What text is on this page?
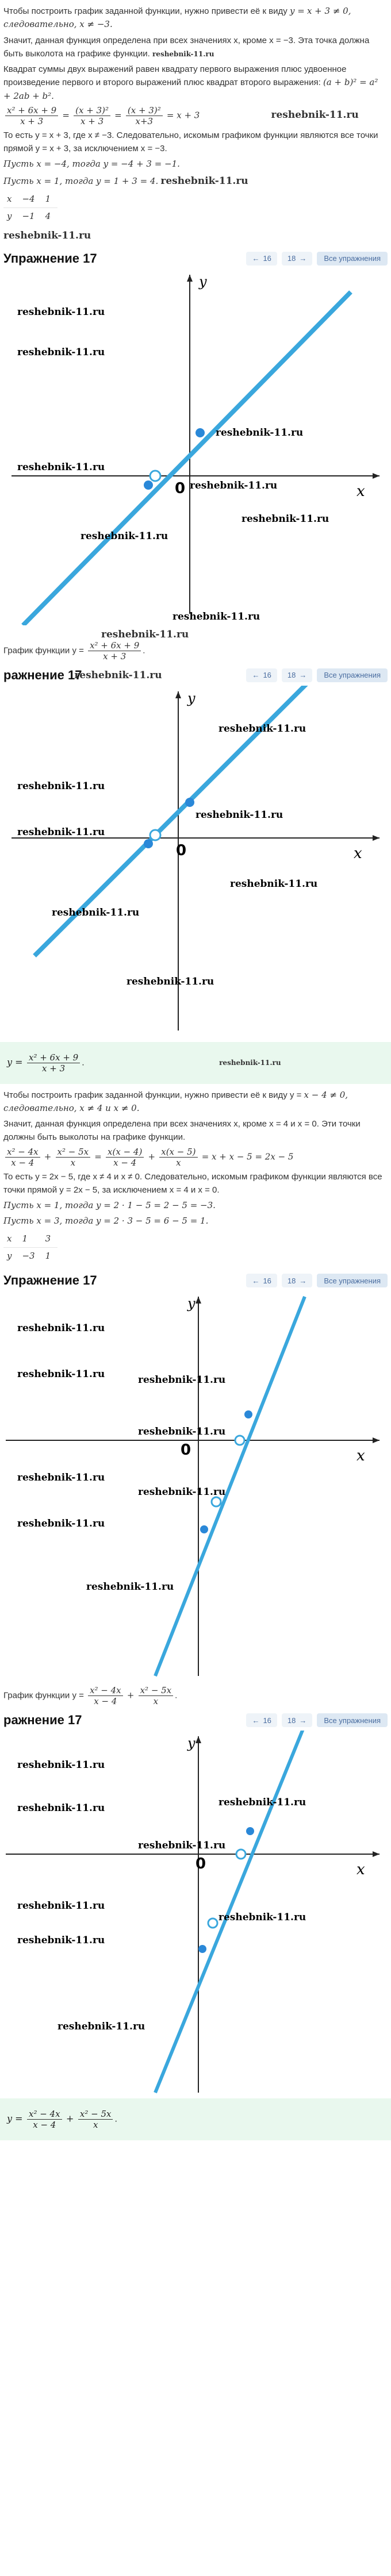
Чтобы построить график заданной функции, нужно привести её к виду y = x + 3 ≠ 0, следовательно, x ≠ −3.

Значит, данная функция определена при всех значениях x, кроме x = −3. Эта точка должна быть выколота на графике функции. reshebnik-11.ru

Квадрат суммы двух выражений равен квадрату первого выражения плюс удвоенное произведение первого и второго выражений плюс квадрат второго выражения: (a + b)² = a² + 2ab + b².

$\frac{\text{x² + 6x + 9}}{x + 3} = \frac{\text{(x + 3)²}}{x + 3} = \frac{\text{(x + 3)²}}{x+3} = x + 3$	reshebnik-11.ru

То есть y = x + 3, где x ≠ −3. Следовательно, искомым графиком функции являются все точки прямой y = x + 3, за исключением x = −3.

Пусть x = −4, тогда y = −4 + 3 = −1.

Пусть x = 1, тогда y = 1 + 3 = 4. reshebnik-11.ru

x	−4	1
y	−1	4

reshebnik-11.ru

Упражнение 17	← 16 18 →	Все упражнения
x
y
0
reshebnik-11.ru
reshebnik-11.ru
reshebnik-11.ru
reshebnik-11.ru
reshebnik-11.ru
reshebnik-11.ru
reshebnik-11.ru
reshebnik-11.ru
reshebnik-11.ru
График функции $y = \frac{\text{x² + 6x + 9}}{x + 3}$ .
ражнение 17
reshebnik-11.ru	← 16 18 →	Все упражнения
x
y
0
reshebnik-11.ru
reshebnik-11.ru
reshebnik-11.ru
reshebnik-11.ru
reshebnik-11.ru
reshebnik-11.ru
reshebnik-11.ru
$y = \frac{\text{x² + 6x + 9}}{x + 3}$ .	reshebnik-11.ru

Чтобы построить график заданной функции, нужно привести её к виду y = x − 4 ≠ 0, следовательно, x ≠ 4 и x ≠ 0.

Значит, данная функция определена при всех значениях x, кроме x = 4 и x = 0. Эти точки должны быть выколоты на графике функции.

$\frac{\text{x² − 4x}}{x - 4} + \frac{\text{x² − 5x}}{x} = \frac{x(x - 4)}{x - 4} + \frac{x(x - 5)}{x} = x + x - 5 = 2x - 5$

То есть y = 2x − 5, где x ≠ 4 и x ≠ 0. Следовательно, искомым графиком функции являются все точки прямой y = 2x − 5, за исключением x = 4 и x = 0.

Пусть x = 1, тогда y = 2 · 1 − 5 = 2 − 5 = −3.

Пусть x = 3, тогда y = 2 · 3 − 5 = 6 − 5 = 1.

x	1	3
y	−3	1
Упражнение 17	← 16 18 →	Все упражнения
x
y
0
reshebnik-11.ru
reshebnik-11.ru
reshebnik-11.ru
reshebnik-11.ru
reshebnik-11.ru
reshebnik-11.ru
reshebnik-11.ru
reshebnik-11.ru
График функции $y = \frac{\text{x² − 4x}}{x - 4} + \frac{\text{x² − 5x}}{x}$ .
ражнение 17	← 16 18 →	Все упражнения
x
y
0
reshebnik-11.ru
reshebnik-11.ru
reshebnik-11.ru
reshebnik-11.ru
reshebnik-11.ru
reshebnik-11.ru
reshebnik-11.ru
reshebnik-11.ru
$y = \frac{\text{x² − 4x}}{x - 4} + \frac{\text{x² − 5x}}{x}$ .
